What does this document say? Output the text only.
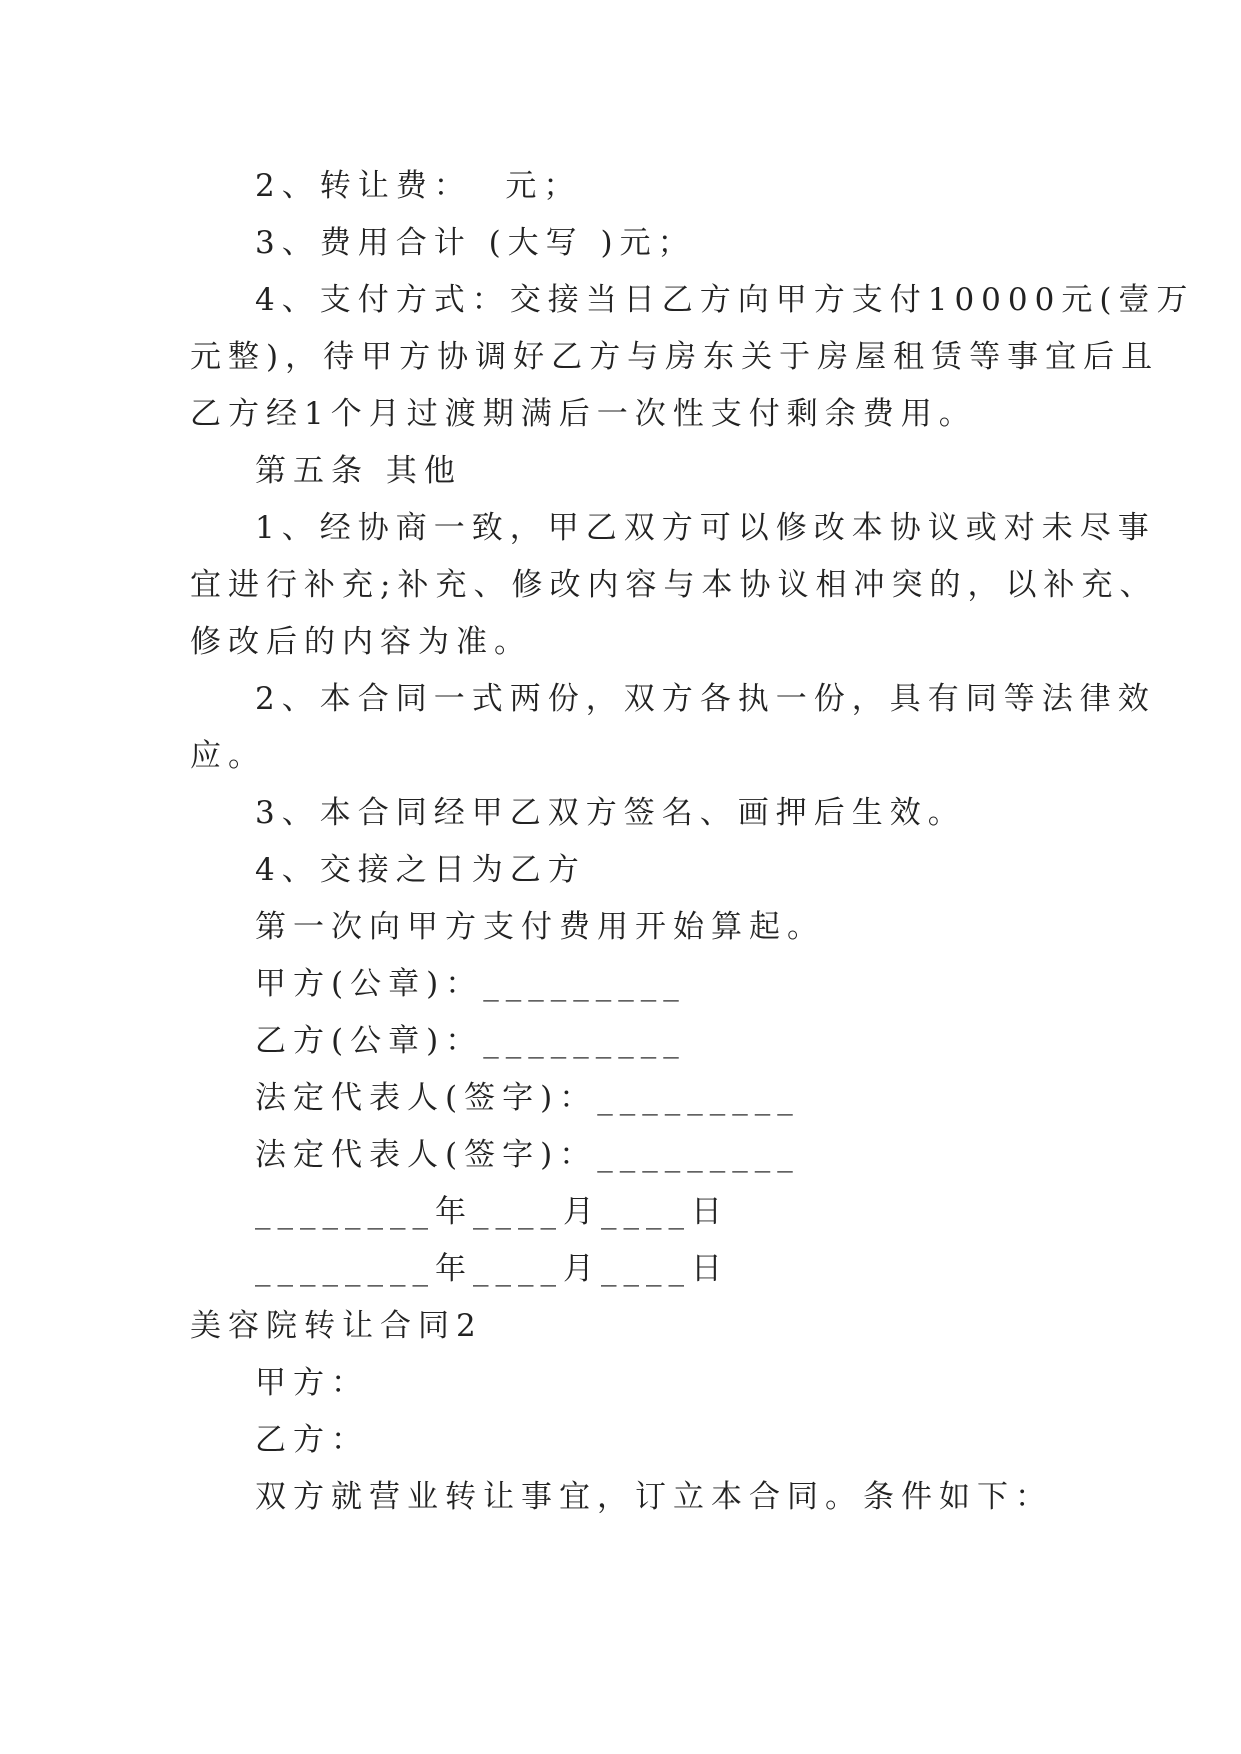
2、转让费：  元；
3、费用合计 (大写 )元；
4、支付方式：交接当日乙方向甲方支付10000元(壹万
元整)，待甲方协调好乙方与房东关于房屋租赁等事宜后且
乙方经1个月过渡期满后一次性支付剩余费用。
第五条 其他
1、经协商一致，甲乙双方可以修改本协议或对未尽事
宜进行补充;补充、修改内容与本协议相冲突的，以补充、
修改后的内容为准。
2、本合同一式两份，双方各执一份，具有同等法律效
应。
3、本合同经甲乙双方签名、画押后生效。
4、交接之日为乙方
第一次向甲方支付费用开始算起。
甲方(公章)：_________
乙方(公章)：_________
法定代表人(签字)：_________
法定代表人(签字)：_________
________年____月____日
________年____月____日
美容院转让合同2
甲方：
乙方：
双方就营业转让事宜，订立本合同。条件如下：
